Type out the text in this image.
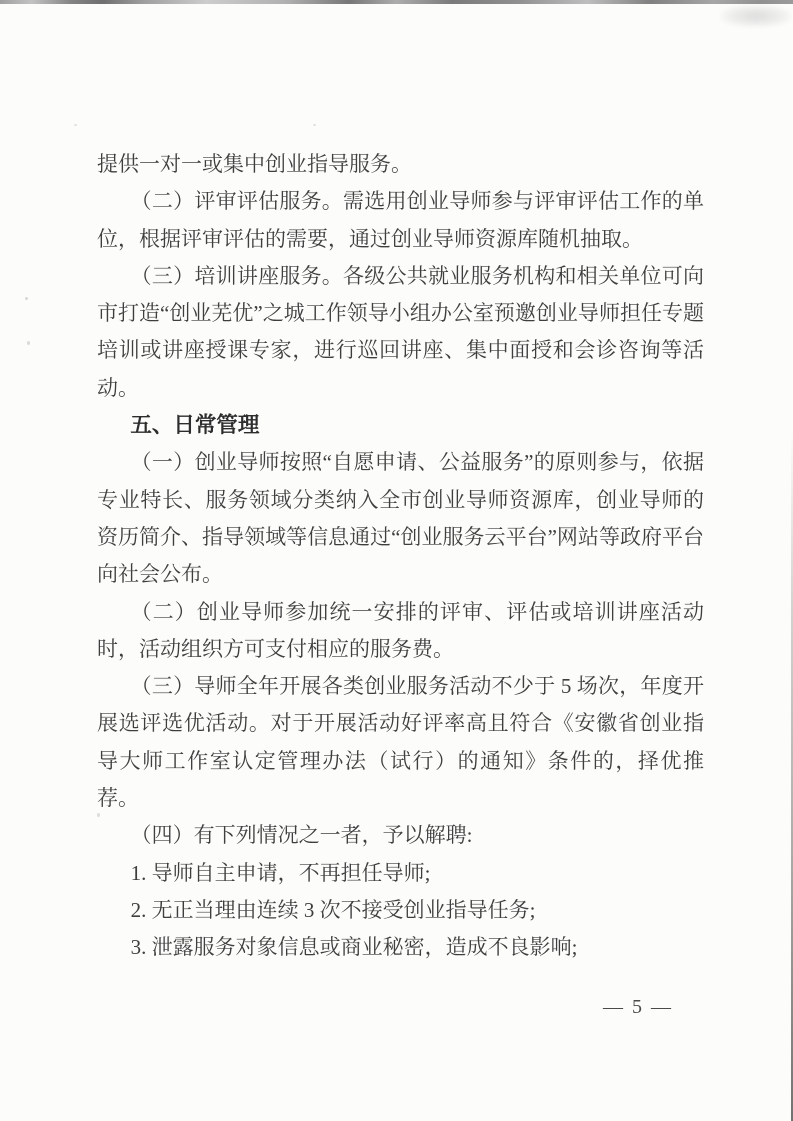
提供一对一或集中创业指导服务。

（二）评审评估服务。需选用创业导师参与评审评估工作的单位，根据评审评估的需要，通过创业导师资源库随机抽取。

（三）培训讲座服务。各级公共就业服务机构和相关单位可向市打造“创业芜优”之城工作领导小组办公室预邀创业导师担任专题培训或讲座授课专家，进行巡回讲座、集中面授和会诊咨询等活动。

五、日常管理

（一）创业导师按照“自愿申请、公益服务”的原则参与，依据专业特长、服务领域分类纳入全市创业导师资源库，创业导师的资历简介、指导领域等信息通过“创业服务云平台”网站等政府平台向社会公布。

（二）创业导师参加统一安排的评审、评估或培训讲座活动时，活动组织方可支付相应的服务费。

（三）导师全年开展各类创业服务活动不少于 5 场次，年度开展选评选优活动。对于开展活动好评率高且符合《安徽省创业指导大师工作室认定管理办法（试行）的通知》条件的，择优推荐。

（四）有下列情况之一者，予以解聘:

1. 导师自主申请，不再担任导师;

2. 无正当理由连续 3 次不接受创业指导任务;

3. 泄露服务对象信息或商业秘密，造成不良影响;

— 5 —
